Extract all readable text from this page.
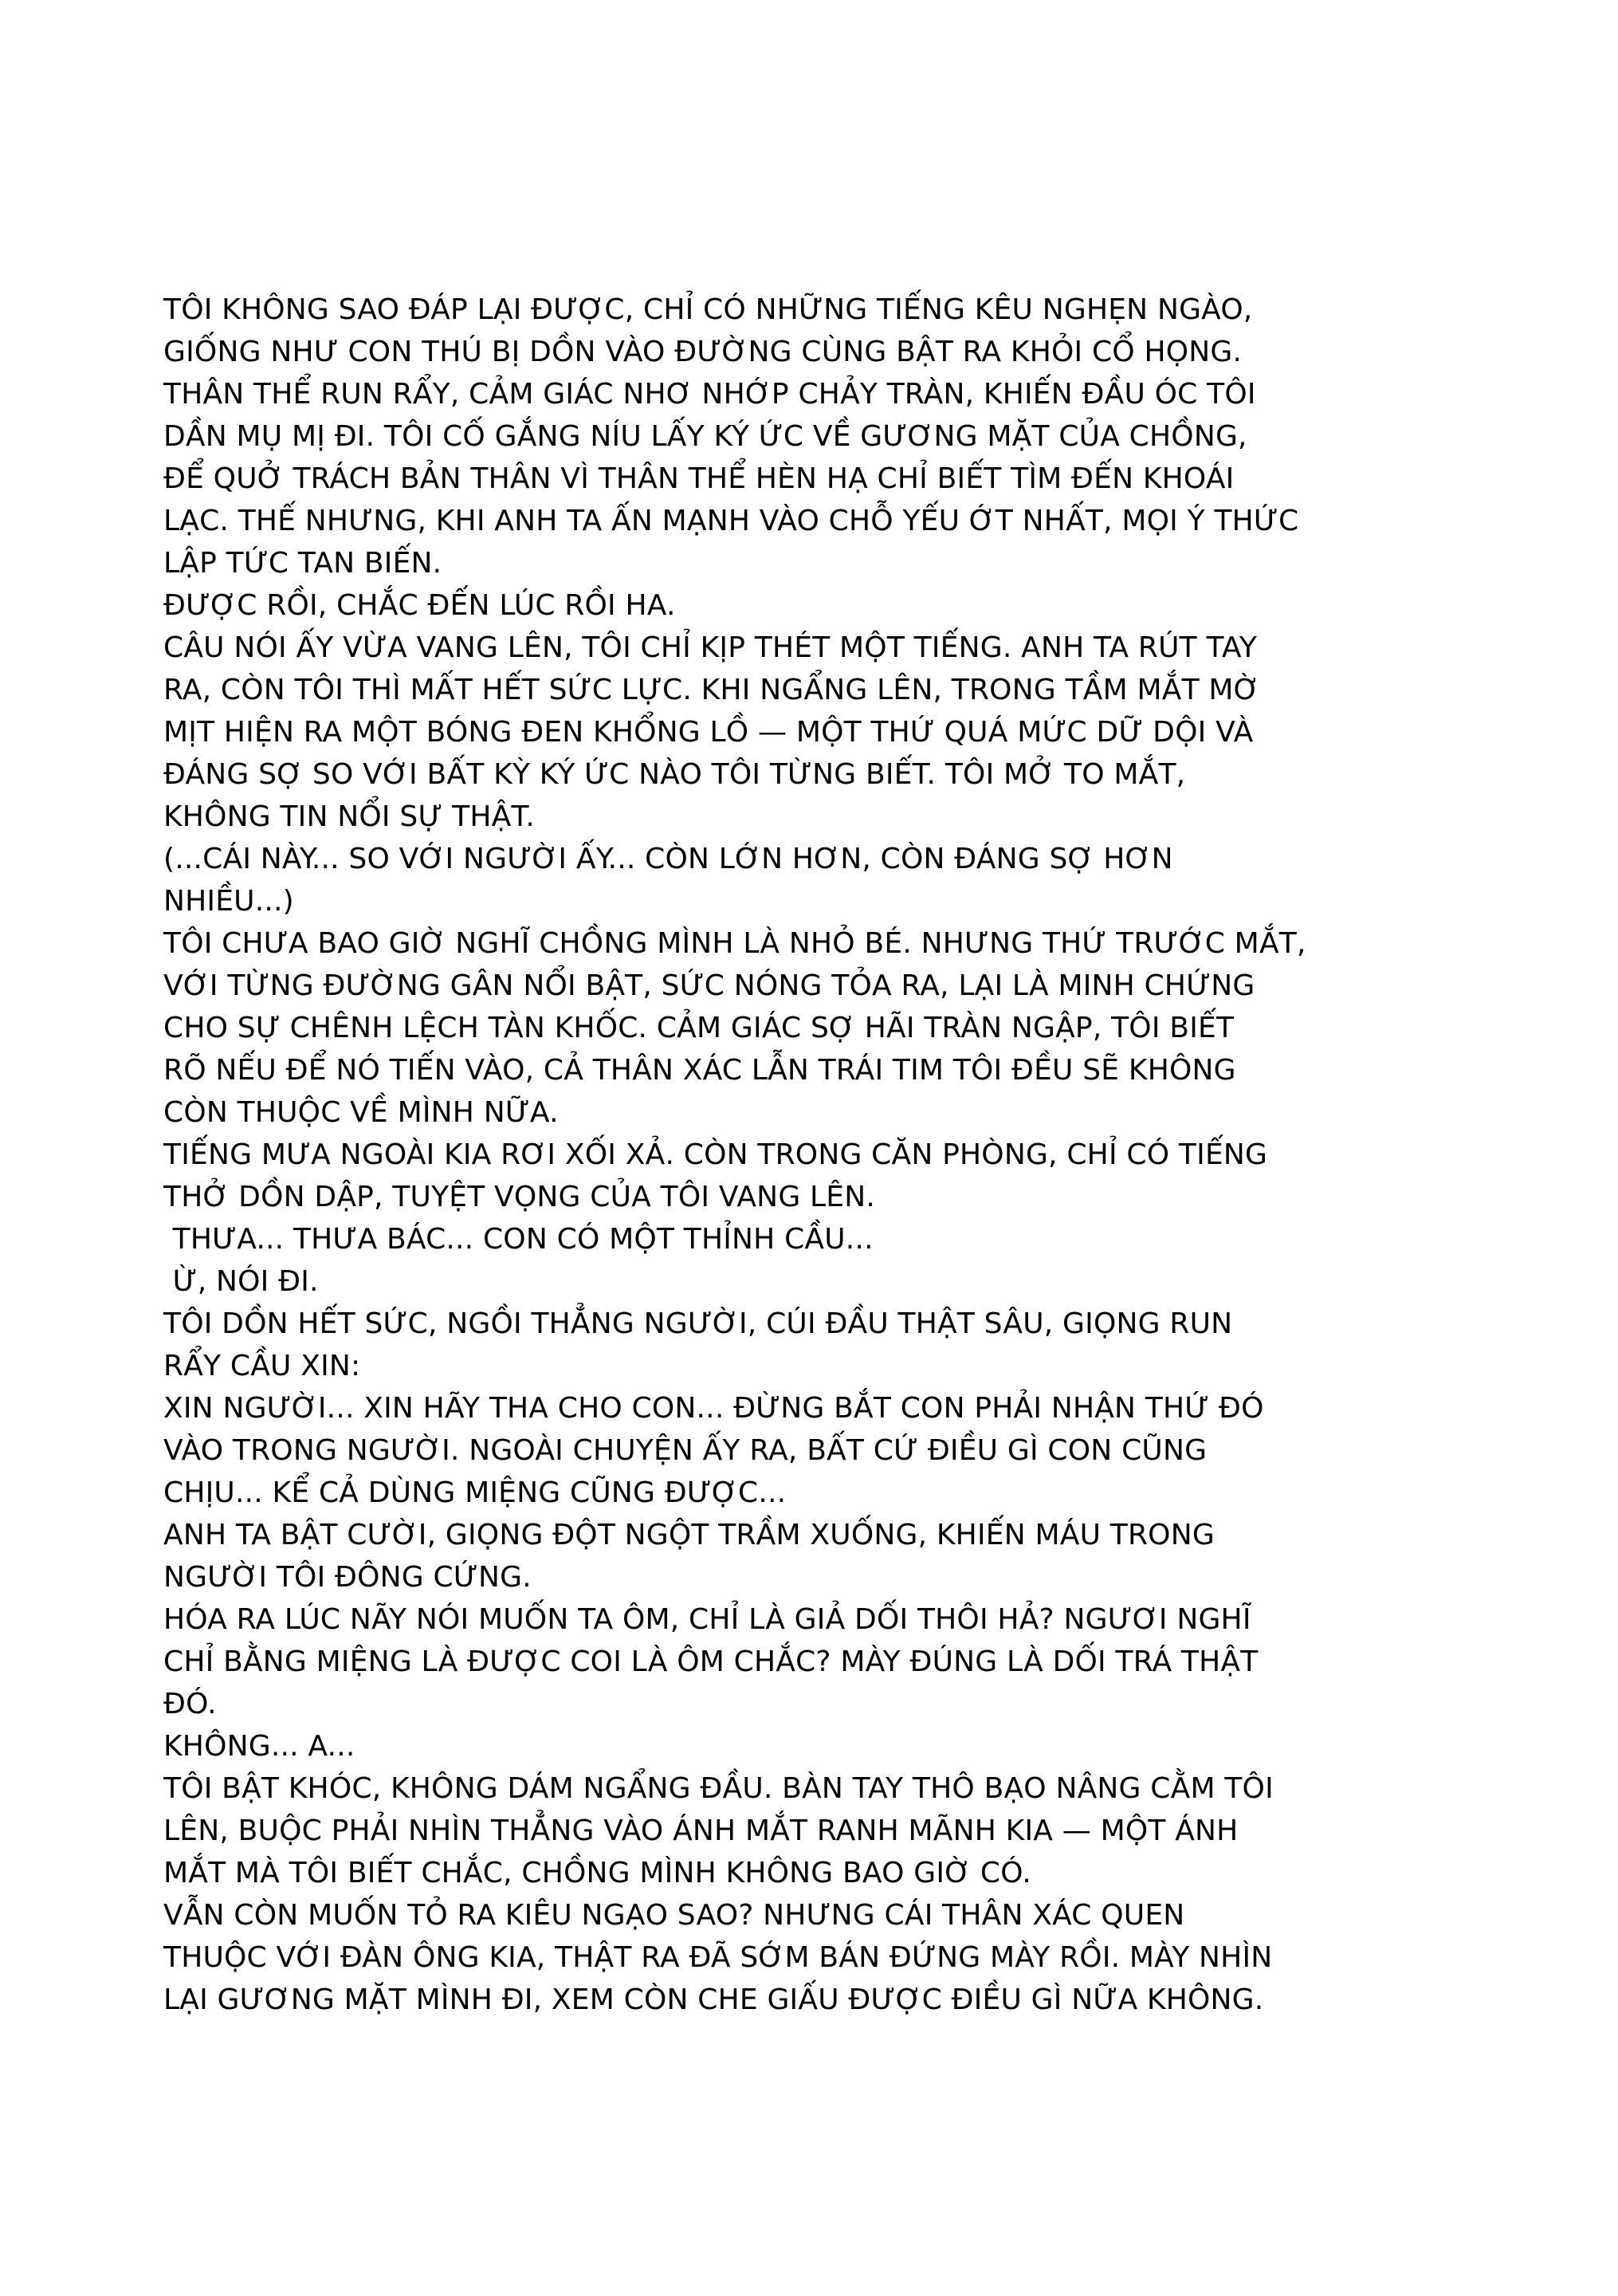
TÔI KHÔNG SAO ĐÁP LẠI ĐƯỢC, CHỈ CÓ NHỮNG TIẾNG KÊU NGHẸN NGÀO,
GIỐNG NHƯ CON THÚ BỊ DỒN VÀO ĐƯỜNG CÙNG BẬT RA KHỎI CỔ HỌNG.
THÂN THỂ RUN RẨY, CẢM GIÁC NHƠ NHỚP CHẢY TRÀN, KHIẾN ĐẦU ÓC TÔI
DẦN MỤ MỊ ĐI. TÔI CỐ GẮNG NÍU LẤY KÝ ỨC VỀ GƯƠNG MẶT CỦA CHỒNG,
ĐỂ QUỞ TRÁCH BẢN THÂN VÌ THÂN THỂ HÈN HẠ CHỈ BIẾT TÌM ĐẾN KHOÁI
LẠC. THẾ NHƯNG, KHI ANH TA ẤN MẠNH VÀO CHỖ YẾU ỚT NHẤT, MỌI Ý THỨC
LẬP TỨC TAN BIẾN.
ĐƯỢC RỒI, CHẮC ĐẾN LÚC RỒI HA.
CÂU NÓI ẤY VỪA VANG LÊN, TÔI CHỈ KỊP THÉT MỘT TIẾNG. ANH TA RÚT TAY
RA, CÒN TÔI THÌ MẤT HẾT SỨC LỰC. KHI NGẨNG LÊN, TRONG TẦM MẮT MỜ
MỊT HIỆN RA MỘT BÓNG ĐEN KHỔNG LỒ — MỘT THỨ QUÁ MỨC DỮ DỘI VÀ
ĐÁNG SỢ SO VỚI BẤT KỲ KÝ ỨC NÀO TÔI TỪNG BIẾT. TÔI MỞ TO MẮT,
KHÔNG TIN NỔI SỰ THẬT.
(...CÁI NÀY... SO VỚI NGƯỜI ẤY... CÒN LỚN HƠN, CÒN ĐÁNG SỢ HƠN
NHIỀU...)
TÔI CHƯA BAO GIỜ NGHĨ CHỒNG MÌNH LÀ NHỎ BÉ. NHƯNG THỨ TRƯỚC MẮT,
VỚI TỪNG ĐƯỜNG GÂN NỔI BẬT, SỨC NÓNG TỎA RA, LẠI LÀ MINH CHỨNG
CHO SỰ CHÊNH LỆCH TÀN KHỐC. CẢM GIÁC SỢ HÃI TRÀN NGẬP, TÔI BIẾT
RÕ NẾU ĐỂ NÓ TIẾN VÀO, CẢ THÂN XÁC LẪN TRÁI TIM TÔI ĐỀU SẼ KHÔNG
CÒN THUỘC VỀ MÌNH NỮA.
TIẾNG MƯA NGOÀI KIA RƠI XỐI XẢ. CÒN TRONG CĂN PHÒNG, CHỈ CÓ TIẾNG
THỞ DỒN DẬP, TUYỆT VỌNG CỦA TÔI VANG LÊN.
THƯA... THƯA BÁC... CON CÓ MỘT THỈNH CẦU...
Ừ, NÓI ĐI.
TÔI DỒN HẾT SỨC, NGỒI THẲNG NGƯỜI, CÚI ĐẦU THẬT SÂU, GIỌNG RUN
RẨY CẦU XIN:
XIN NGƯỜI... XIN HÃY THA CHO CON... ĐỪNG BẮT CON PHẢI NHẬN THỨ ĐÓ
VÀO TRONG NGƯỜI. NGOÀI CHUYỆN ẤY RA, BẤT CỨ ĐIỀU GÌ CON CŨNG
CHỊU... KỂ CẢ DÙNG MIỆNG CŨNG ĐƯỢC...
ANH TA BẬT CƯỜI, GIỌNG ĐỘT NGỘT TRẦM XUỐNG, KHIẾN MÁU TRONG
NGƯỜI TÔI ĐÔNG CỨNG.
HÓA RA LÚC NÃY NÓI MUỐN TA ÔM, CHỈ LÀ GIẢ DỐI THÔI HẢ? NGƯƠI NGHĨ
CHỈ BẰNG MIỆNG LÀ ĐƯỢC COI LÀ ÔM CHẮC? MÀY ĐÚNG LÀ DỐI TRÁ THẬT
ĐÓ.
KHÔNG... A...
TÔI BẬT KHÓC, KHÔNG DÁM NGẨNG ĐẦU. BÀN TAY THÔ BẠO NÂNG CẰM TÔI
LÊN, BUỘC PHẢI NHÌN THẲNG VÀO ÁNH MẮT RANH MÃNH KIA — MỘT ÁNH
MẮT MÀ TÔI BIẾT CHẮC, CHỒNG MÌNH KHÔNG BAO GIỜ CÓ.
VẪN CÒN MUỐN TỎ RA KIÊU NGẠO SAO? NHƯNG CÁI THÂN XÁC QUEN
THUỘC VỚI ĐÀN ÔNG KIA, THẬT RA ĐÃ SỚM BÁN ĐỨNG MÀY RỒI. MÀY NHÌN
LẠI GƯƠNG MẶT MÌNH ĐI, XEM CÒN CHE GIẤU ĐƯỢC ĐIỀU GÌ NỮA KHÔNG.
